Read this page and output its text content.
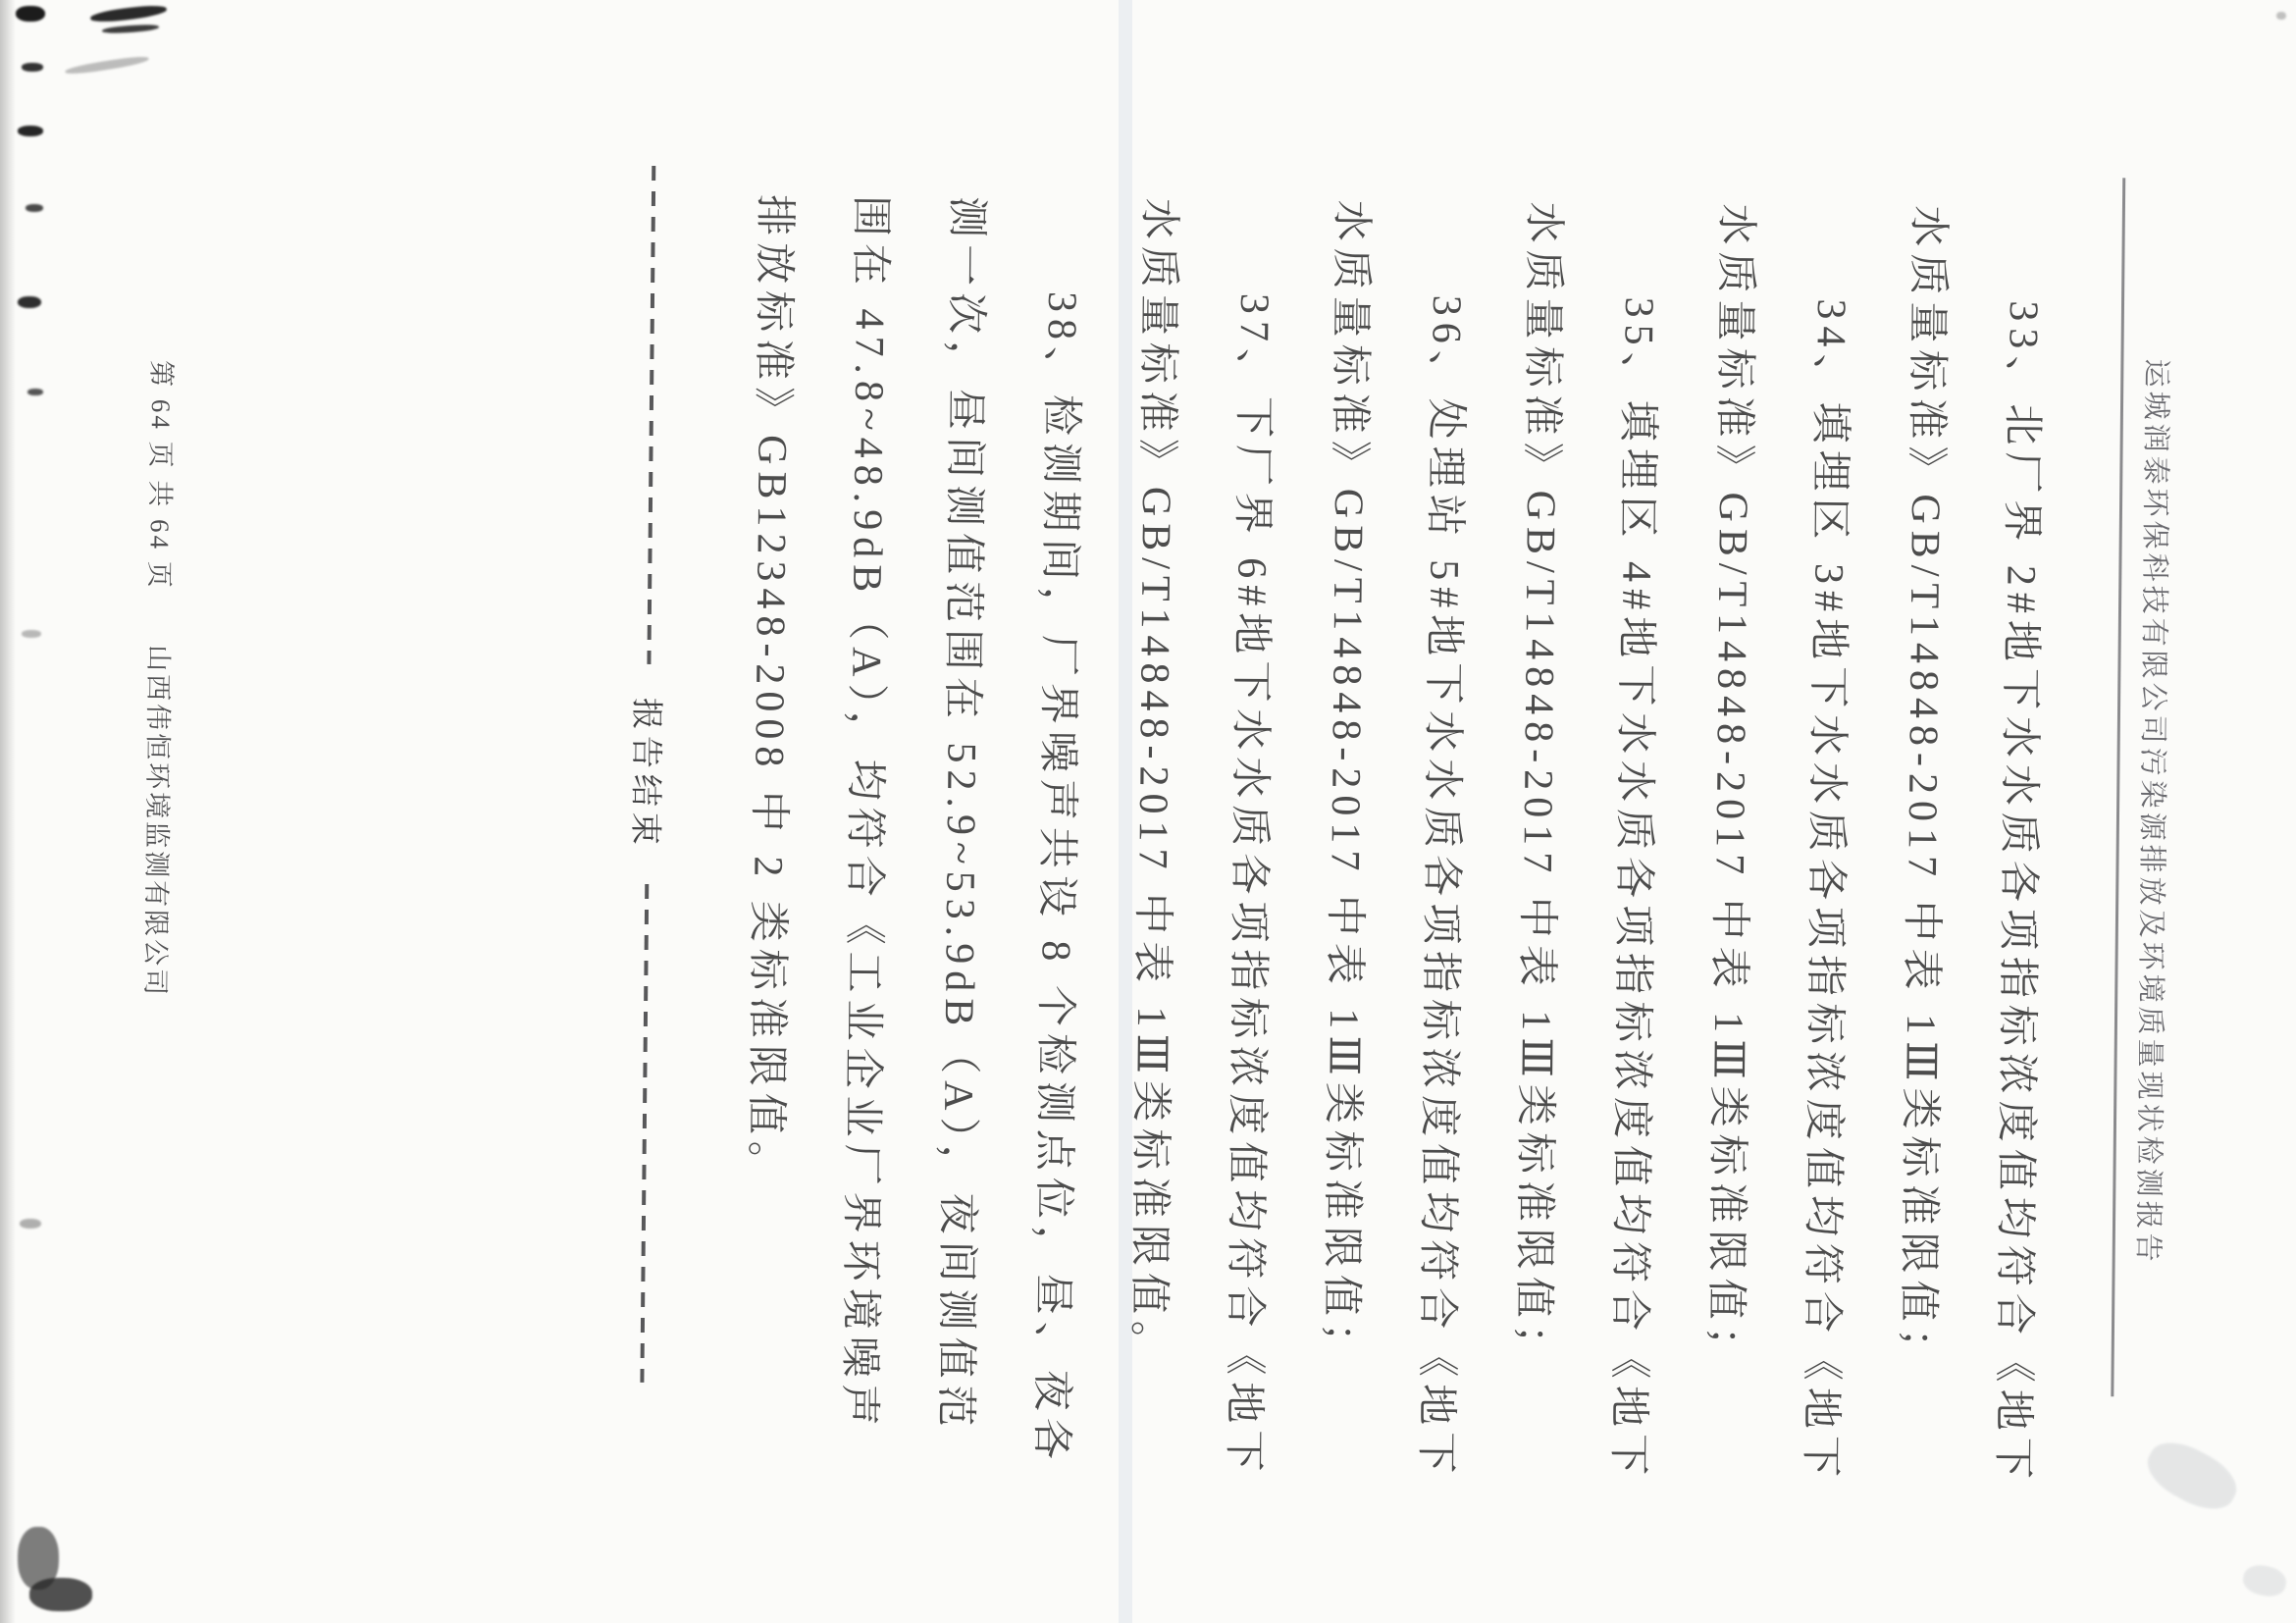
运城润泰环保科技有限公司污染源排放及环境质量现状检测报告
33、北厂界 2#地下水水质各项指标浓度值均符合《地下
水质量标准》GB/T14848-2017 中表 1Ⅲ类标准限值；
34、填埋区 3#地下水水质各项指标浓度值均符合《地下
水质量标准》GB/T14848-2017 中表 1Ⅲ类标准限值；
35、填埋区 4#地下水水质各项指标浓度值均符合《地下
水质量标准》GB/T14848-2017 中表 1Ⅲ类标准限值；
36、处理站 5#地下水水质各项指标浓度值均符合《地下
水质量标准》GB/T14848-2017 中表 1Ⅲ类标准限值；
37、下厂界 6#地下水水质各项指标浓度值均符合《地下
水质量标准》GB/T14848-2017 中表 1Ⅲ类标准限值。
38、检测期间，厂界噪声共设 8 个检测点位，昼、夜各
测一次，昼间测值范围在 52.9~53.9dB（A），夜间测值范
围在 47.8~48.9dB（A），均符合《工业企业厂界环境噪声
排放标准》GB12348-2008 中 2 类标准限值。
报告结束
第 64 页 共 64 页
山西伟恒环境监测有限公司
